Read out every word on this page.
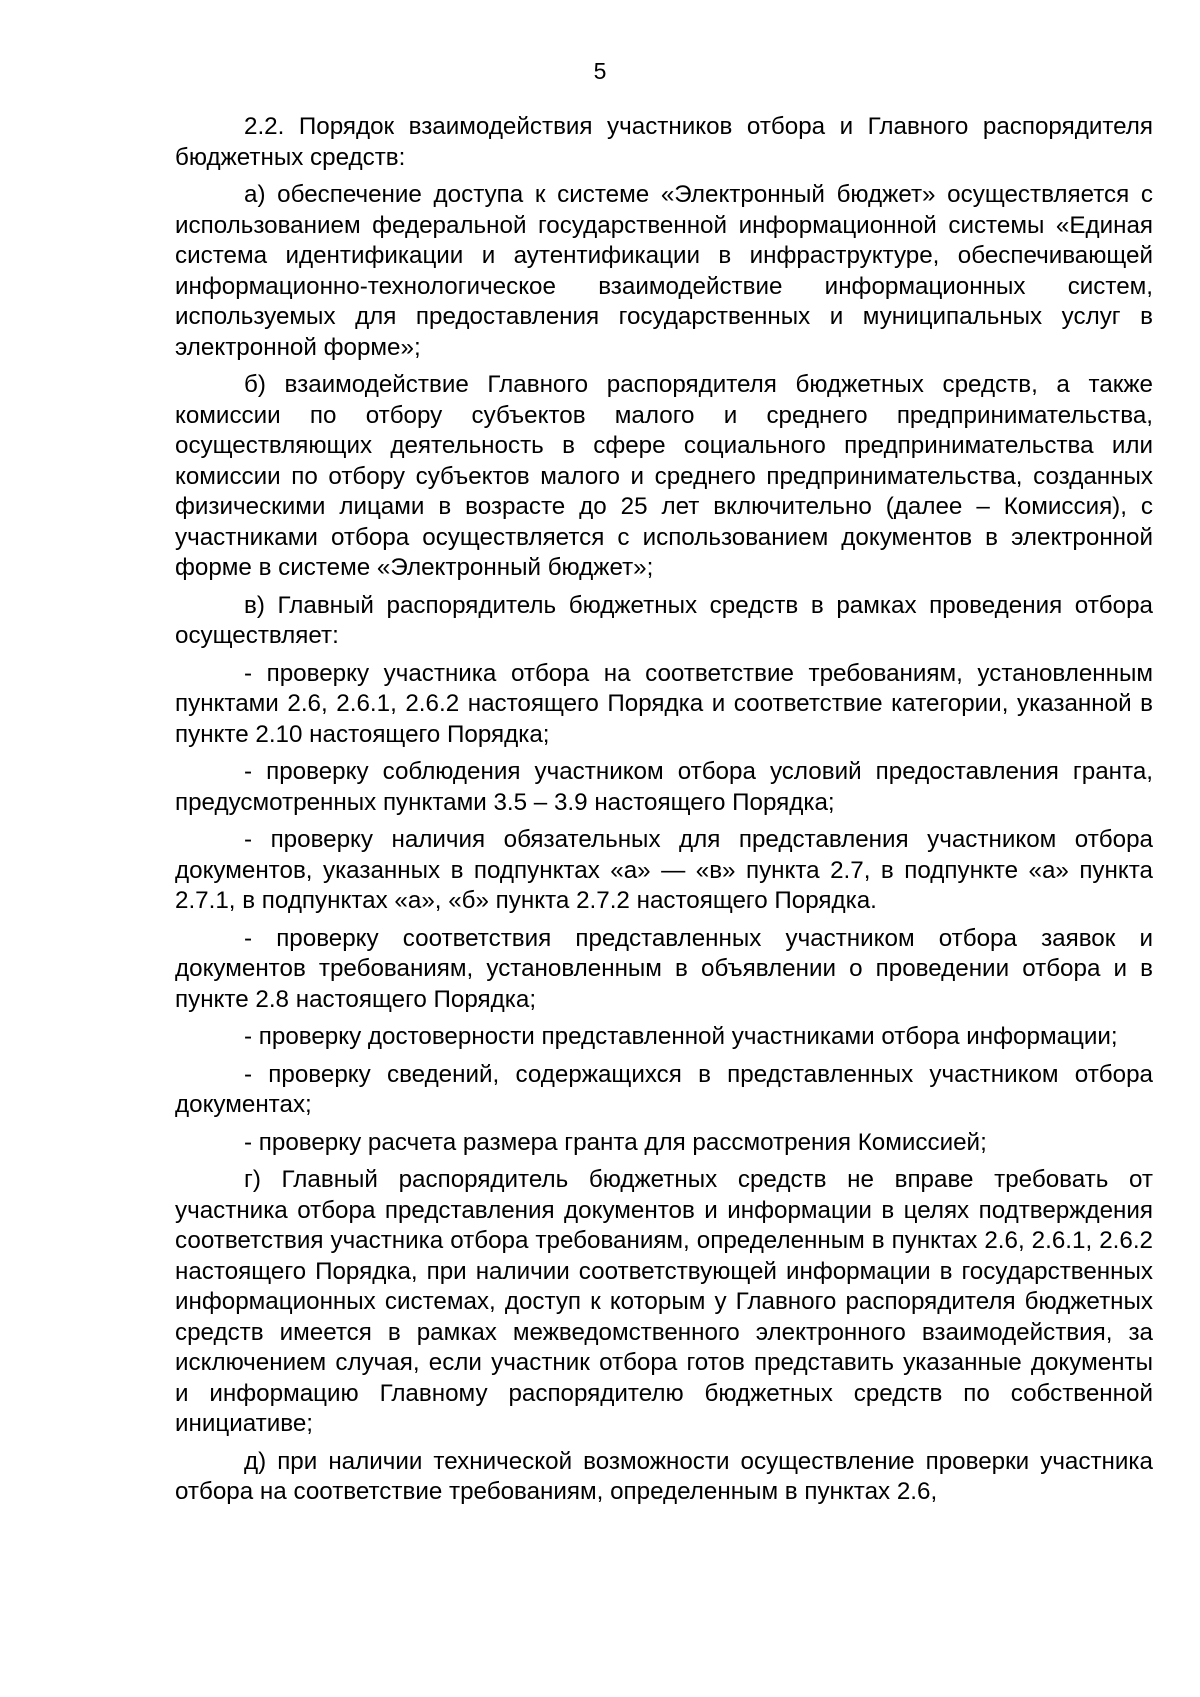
5

2.2. Порядок взаимодействия участников отбора и Главного распорядителя бюджетных средств:

а) обеспечение доступа к системе «Электронный бюджет» осуществляется с использованием федеральной государственной информационной системы «Единая система идентификации и аутентификации в инфраструктуре, обеспечивающей информационно-технологическое взаимодействие информационных систем, используемых для предоставления государственных и муниципальных услуг в электронной форме»;

б) взаимодействие Главного распорядителя бюджетных средств, а также комиссии по отбору субъектов малого и среднего предпринимательства, осуществляющих деятельность в сфере социального предпринимательства или комиссии по отбору субъектов малого и среднего предпринимательства, созданных физическими лицами в возрасте до 25 лет включительно (далее – Комиссия), с участниками отбора осуществляется с использованием документов в электронной форме в системе «Электронный бюджет»;

в) Главный распорядитель бюджетных средств в рамках проведения отбора осуществляет:

- проверку участника отбора на соответствие требованиям, установленным пунктами 2.6, 2.6.1, 2.6.2 настоящего Порядка и соответствие категории, указанной в пункте 2.10 настоящего Порядка;

- проверку соблюдения участником отбора условий предоставления гранта, предусмотренных пунктами 3.5 – 3.9 настоящего Порядка;

- проверку наличия обязательных для представления участником отбора документов, указанных в подпунктах «а» — «в» пункта 2.7, в подпункте «а» пункта 2.7.1, в подпунктах «а», «б» пункта 2.7.2 настоящего Порядка.

- проверку соответствия представленных участником отбора заявок и документов требованиям, установленным в объявлении о проведении отбора и в пункте 2.8 настоящего Порядка;

- проверку достоверности представленной участниками отбора информации;

- проверку сведений, содержащихся в представленных участником отбора документах;

- проверку расчета размера гранта для рассмотрения Комиссией;

г) Главный распорядитель бюджетных средств не вправе требовать от участника отбора представления документов и информации в целях подтверждения соответствия участника отбора требованиям, определенным в пунктах 2.6, 2.6.1, 2.6.2 настоящего Порядка, при наличии соответствующей информации в государственных информационных системах, доступ к которым у Главного распорядителя бюджетных средств имеется в рамках межведомственного электронного взаимодействия, за исключением случая, если участник отбора готов представить указанные документы и информацию Главному распорядителю бюджетных средств по собственной инициативе;

д) при наличии технической возможности осуществление проверки участника отбора на соответствие требованиям, определенным в пунктах 2.6,
